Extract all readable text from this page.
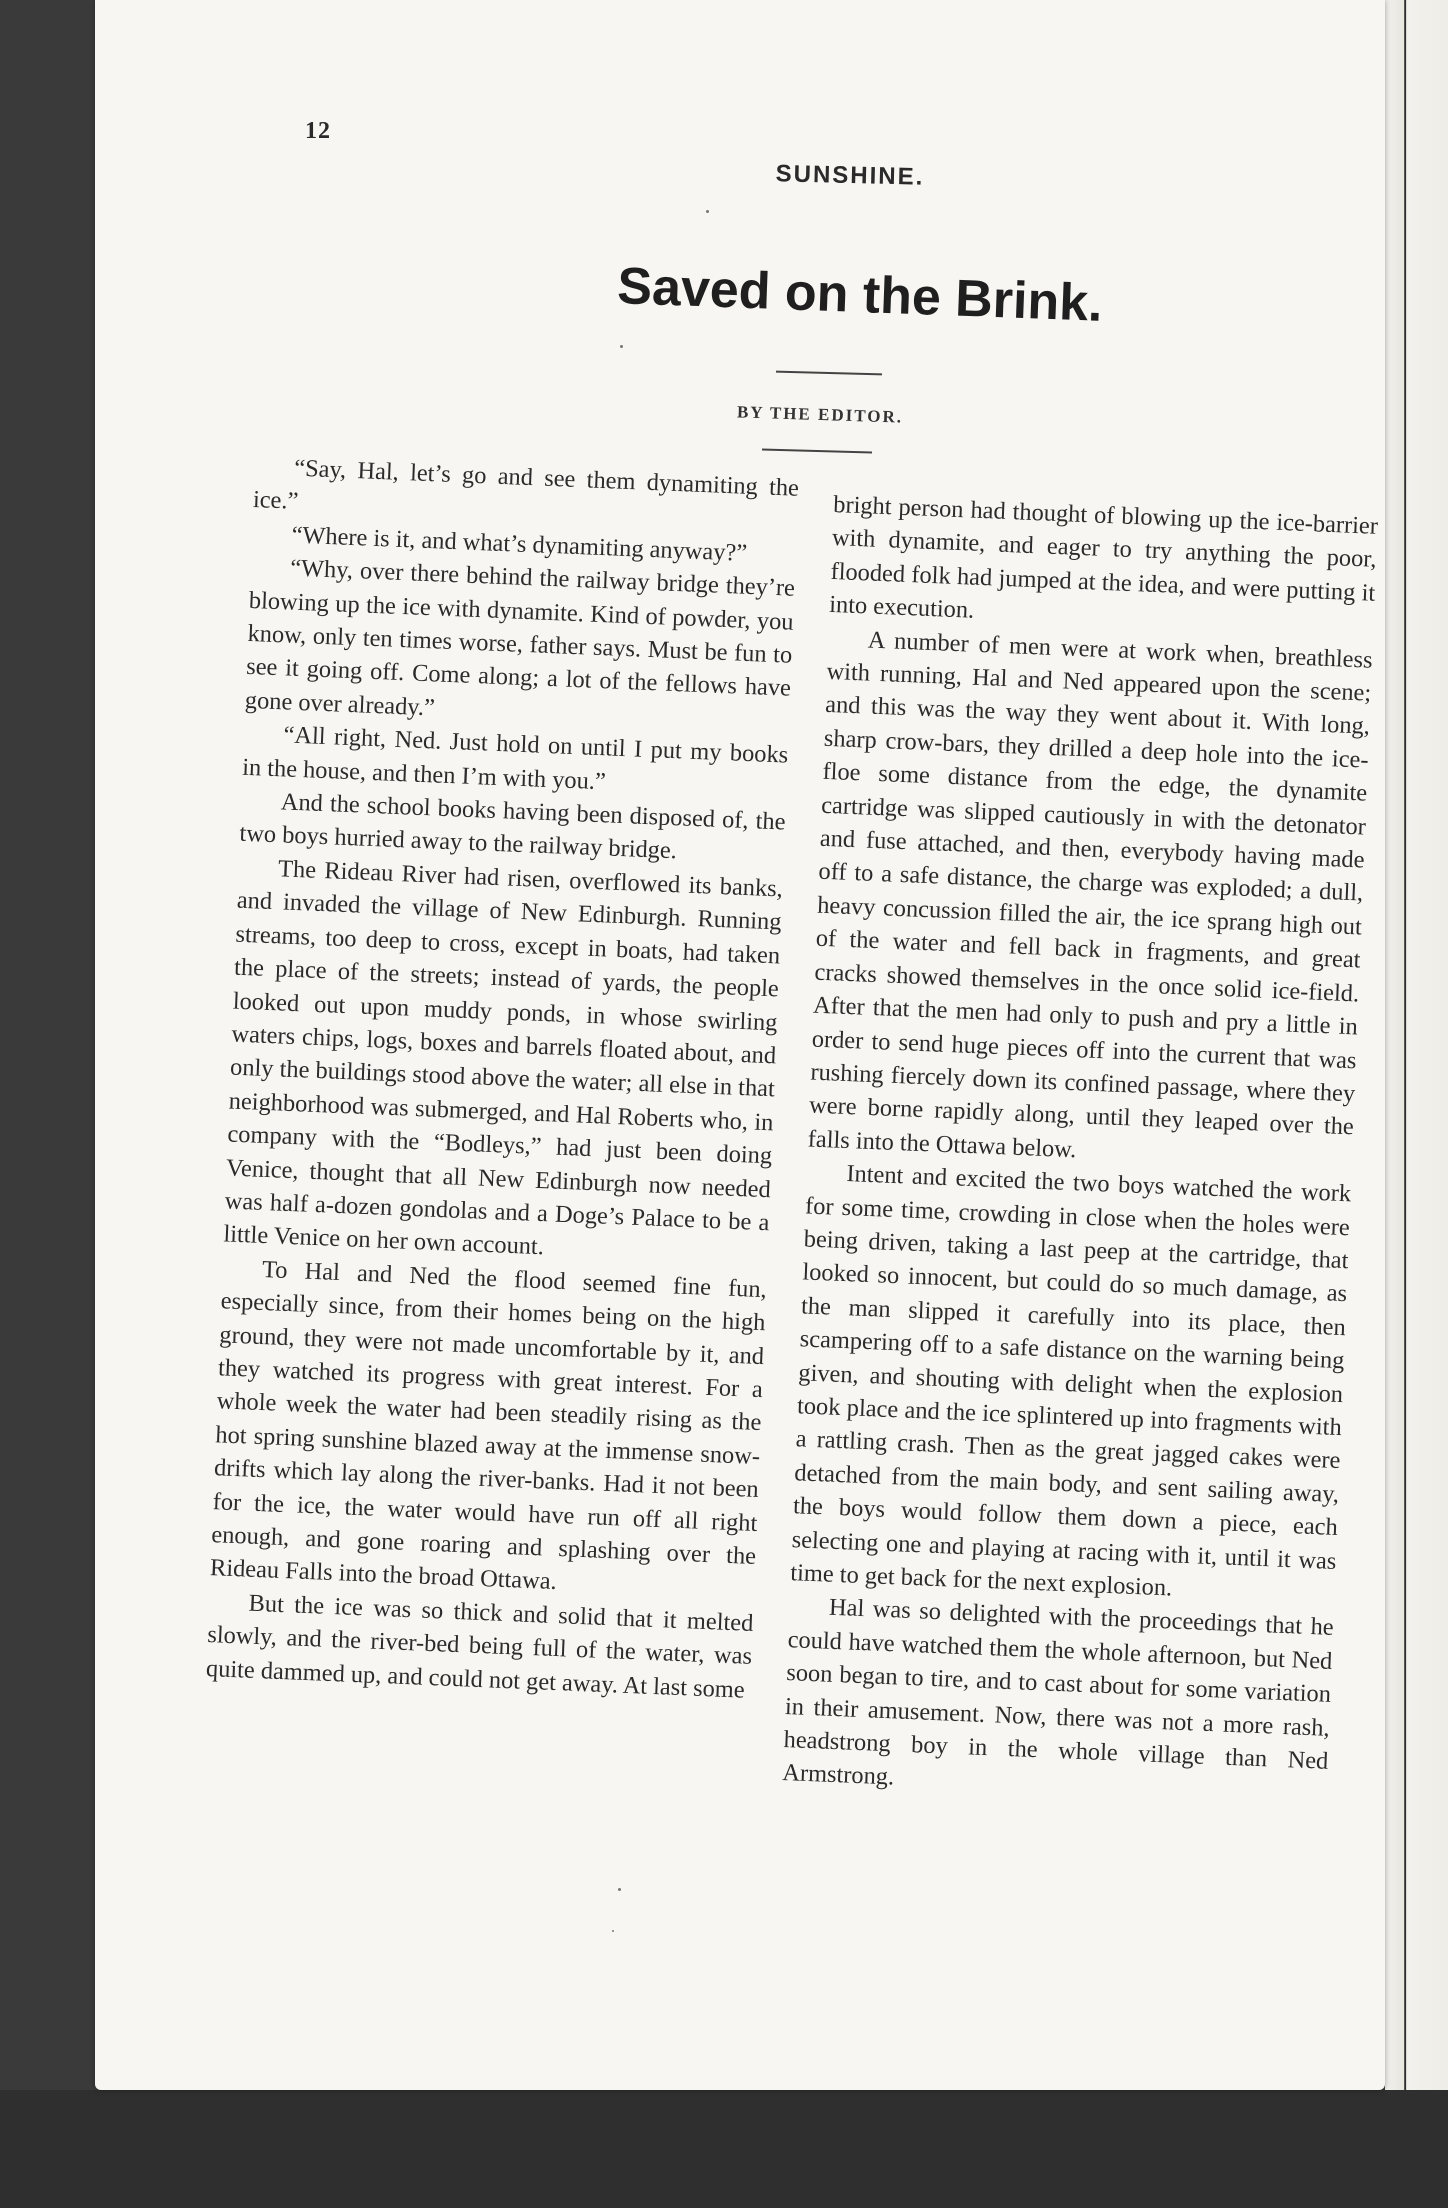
12
SUNSHINE.
Saved on the Brink.
BY THE EDITOR.

“Say, Hal, let’s go and see them dynamiting the ice.”

“Where is it, and what’s dynamiting anyway?”

“Why, over there behind the railway bridge they’re blowing up the ice with dynamite. Kind of powder, you know, only ten times worse, father says. Must be fun to see it going off. Come along; a lot of the fellows have gone over already.”

“All right, Ned. Just hold on until I put my books in the house, and then I’m with you.”

And the school books having been disposed of, the two boys hurried away to the railway bridge.

The Rideau River had risen, overflowed its banks, and invaded the village of New Edinburgh. Running streams, too deep to cross, except in boats, had taken the place of the streets; instead of yards, the people looked out upon muddy ponds, in whose swirling waters chips, logs, boxes and barrels floated about, and only the buildings stood above the water; all else in that neighborhood was submerged, and Hal Roberts who, in company with the “Bodleys,” had just been doing Venice, thought that all New Edinburgh now needed was half a-dozen gondolas and a Doge’s Palace to be a little Venice on her own account.

To Hal and Ned the flood seemed fine fun, especially since, from their homes being on the high ground, they were not made uncomfortable by it, and they watched its progress with great interest. For a whole week the water had been steadily rising as the hot spring sunshine blazed away at the immense snow-drifts which lay along the river-banks. Had it not been for the ice, the water would have run off all right enough, and gone roaring and splashing over the Rideau Falls into the broad Ottawa.

But the ice was so thick and solid that it melted slowly, and the river-bed being full of the water, was quite dammed up, and could not get away. At last some

bright person had thought of blowing up the ice-barrier with dynamite, and eager to try anything the poor, flooded folk had jumped at the idea, and were putting it into execution.

A number of men were at work when, breathless with running, Hal and Ned appeared upon the scene; and this was the way they went about it. With long, sharp crow-bars, they drilled a deep hole into the ice-floe some distance from the edge, the dynamite cartridge was slipped cautiously in with the detonator and fuse attached, and then, everybody having made off to a safe distance, the charge was exploded; a dull, heavy concussion filled the air, the ice sprang high out of the water and fell back in fragments, and great cracks showed themselves in the once solid ice-field. After that the men had only to push and pry a little in order to send huge pieces off into the current that was rushing fiercely down its confined passage, where they were borne rapidly along, until they leaped over the falls into the Ottawa below.

Intent and excited the two boys watched the work for some time, crowding in close when the holes were being driven, taking a last peep at the cartridge, that looked so innocent, but could do so much damage, as the man slipped it carefully into its place, then scampering off to a safe distance on the warning being given, and shouting with delight when the explosion took place and the ice splintered up into fragments with a rattling crash. Then as the great jagged cakes were detached from the main body, and sent sailing away, the boys would follow them down a piece, each selecting one and playing at racing with it, until it was time to get back for the next explosion.

Hal was so delighted with the proceedings that he could have watched them the whole afternoon, but Ned soon began to tire, and to cast about for some variation in their amusement. Now, there was not a more rash, headstrong boy in the whole village than Ned Armstrong.
